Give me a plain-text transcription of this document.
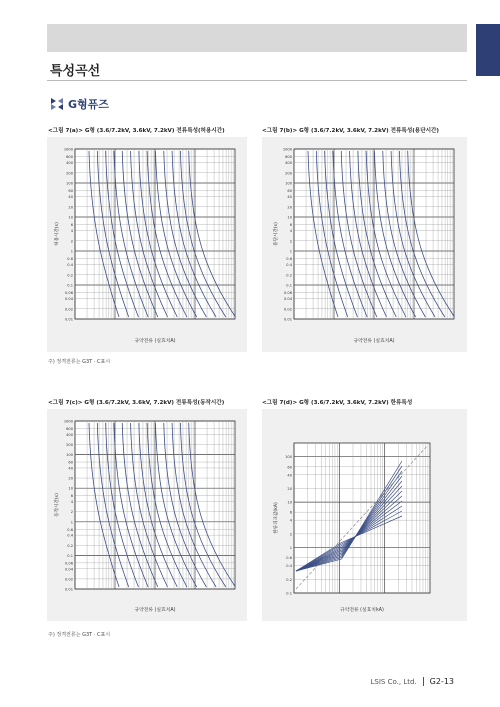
특성곡선
G형퓨즈
<그림 7(a)> G형 (3.6/7.2kV, 3.6kV, 7.2kV) 전류특성(허용시간)	<그림 7(b)> G형 (3.6/7.2kV, 3.6kV, 7.2kV) 전류특성(용단시간)
<그림 7(c)> G형 (3.6/7.2kV, 3.6kV, 7.2kV) 전류특성(동작시간)	<그림 7(d)> G형 (3.6/7.2kV, 3.6kV, 7.2kV) 한류특성
1000
600
400
200
100
60
40
20
10
6
4
2
1
0.6
0.4
0.2
0.1
0.06
0.04
0.02
0.01
허용시간(s)
규약전류 (실효치A)
1000
600
400
200
100
60
40
20
10
6
4
2
1
0.6
0.4
0.2
0.1
0.06
0.04
0.02
0.01
용단시간(s)
규약전류 (실효치A)
1000
600
400
200
100
60
40
20
10
6
4
2
1
0.6
0.4
0.2
0.1
0.06
0.04
0.02
0.01
동작시간(s)
규약전류 (실효치A)
100
60
40
20
10
6
4
2
1
0.6
0.4
0.2
0.1
한류피크값(kA)
규약전류 (실효치kA)
주) 정격전류는 G3T · C표시
주) 정격전류는 G3T · C표시
LSIS Co., Ltd. G2-13
